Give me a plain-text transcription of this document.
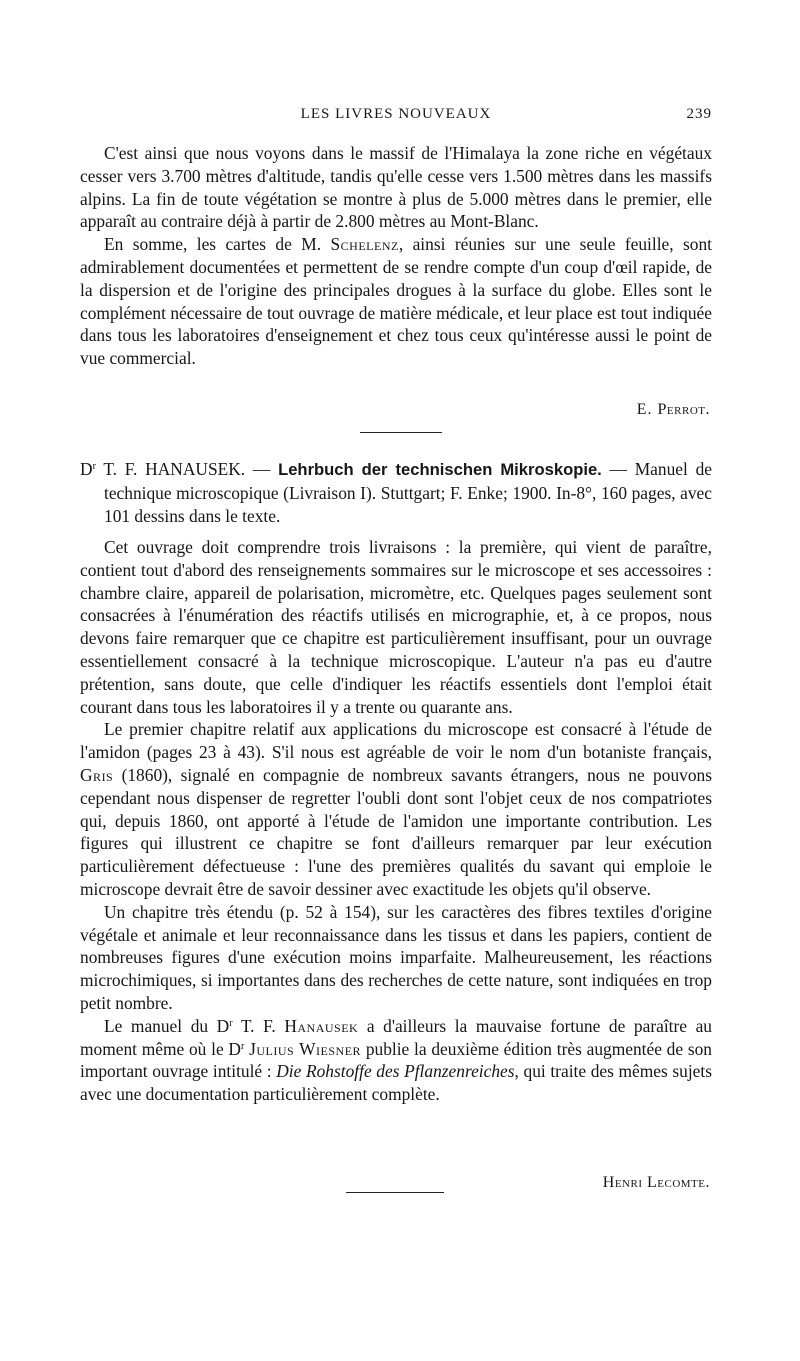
LES LIVRES NOUVEAUX	239

C'est ainsi que nous voyons dans le massif de l'Himalaya la zone riche en végétaux cesser vers 3.700 mètres d'altitude, tandis qu'elle cesse vers 1.500 mètres dans les massifs alpins. La fin de toute végétation se montre à plus de 5.000 mètres dans le premier, elle apparaît au contraire déjà à partir de 2.800 mètres au Mont-Blanc.

En somme, les cartes de M. Schelenz, ainsi réunies sur une seule feuille, sont admirablement documentées et permettent de se rendre compte d'un coup d'œil rapide, de la dispersion et de l'origine des principales drogues à la surface du globe. Elles sont le complément nécessaire de tout ouvrage de matière médicale, et leur place est tout indiquée dans tous les laboratoires d'enseignement et chez tous ceux qu'intéresse aussi le point de vue commercial.

E. Perrot.

$D^r$ T. F. HANAUSEK. — Lehrbuch der technischen Mikroskopie. — Manuel de technique microscopique (Livraison I). Stuttgart; F. Enke; 1900. In-8°, 160 pages, avec 101 dessins dans le texte.

Cet ouvrage doit comprendre trois livraisons : la première, qui vient de paraître, contient tout d'abord des renseignements sommaires sur le microscope et ses accessoires : chambre claire, appareil de polarisation, micromètre, etc. Quelques pages seulement sont consacrées à l'énumération des réactifs utilisés en micrographie, et, à ce propos, nous devons faire remarquer que ce chapitre est particulièrement insuffisant, pour un ouvrage essentiellement consacré à la technique microscopique. L'auteur n'a pas eu d'autre prétention, sans doute, que celle d'indiquer les réactifs essentiels dont l'emploi était courant dans tous les laboratoires il y a trente ou quarante ans.

Le premier chapitre relatif aux applications du microscope est consacré à l'étude de l'amidon (pages 23 à 43). S'il nous est agréable de voir le nom d'un botaniste français, Gris (1860), signalé en compagnie de nombreux savants étrangers, nous ne pouvons cependant nous dispenser de regretter l'oubli dont sont l'objet ceux de nos compatriotes qui, depuis 1860, ont apporté à l'étude de l'amidon une importante contribution. Les figures qui illustrent ce chapitre se font d'ailleurs remarquer par leur exécution particulièrement défectueuse : l'une des premières qualités du savant qui emploie le microscope devrait être de savoir dessiner avec exactitude les objets qu'il observe.

Un chapitre très étendu (p. 52 à 154), sur les caractères des fibres textiles d'origine végétale et animale et leur reconnaissance dans les tissus et dans les papiers, contient de nombreuses figures d'une exécution moins imparfaite. Malheureusement, les réactions microchimiques, si importantes dans des recherches de cette nature, sont indiquées en trop petit nombre.

Le manuel du $D^r$ T. F. Hanausek a d'ailleurs la mauvaise fortune de paraître au moment même où le $D^r$ Julius Wiesner publie la deuxième édition très augmentée de son important ouvrage intitulé : Die Rohstoffe des Pflanzenreiches, qui traite des mêmes sujets avec une documentation particulièrement complète.

Henri Lecomte.
